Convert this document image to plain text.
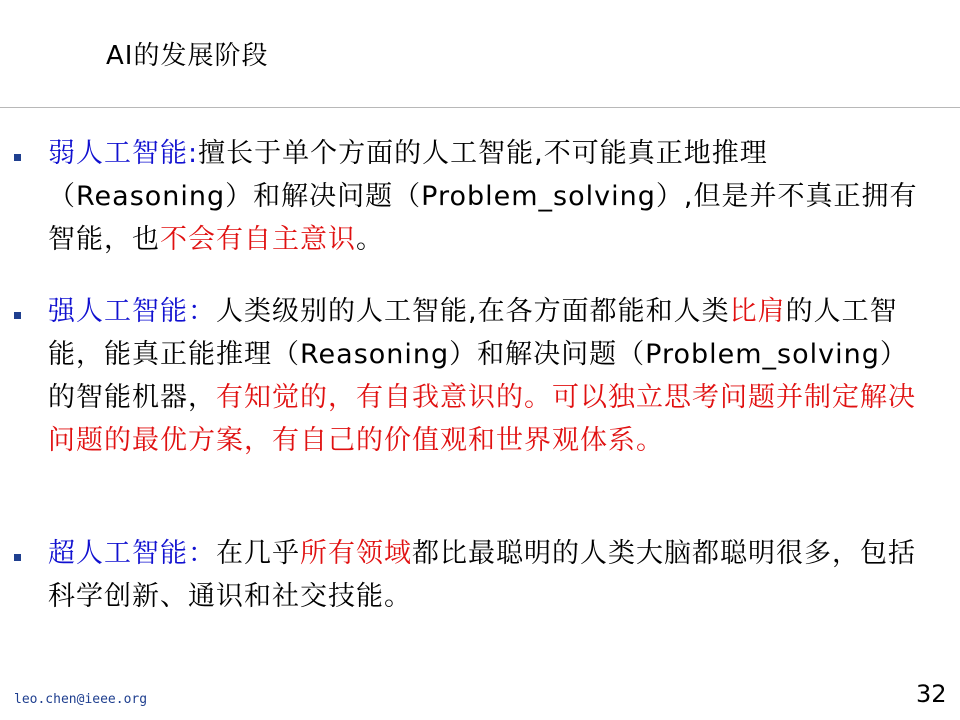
AI的发展阶段

弱人工智能:擅长于单个方面的人工智能,不可能真正地推理（Reasoning）和解决问题（Problem_solving）,但是并不真正拥有智能，也不会有自主意识。

强人工智能：人类级别的人工智能,在各方面都能和人类比肩的人工智能，能真正能推理（Reasoning）和解决问题（Problem_solving）的智能机器，有知觉的，有自我意识的。可以独立思考问题并制定解决问题的最优方案，有自己的价值观和世界观体系。

超人工智能：在几乎所有领域都比最聪明的人类大脑都聪明很多，包括科学创新、通识和社交技能。

leo.chen@ieee.org	32
